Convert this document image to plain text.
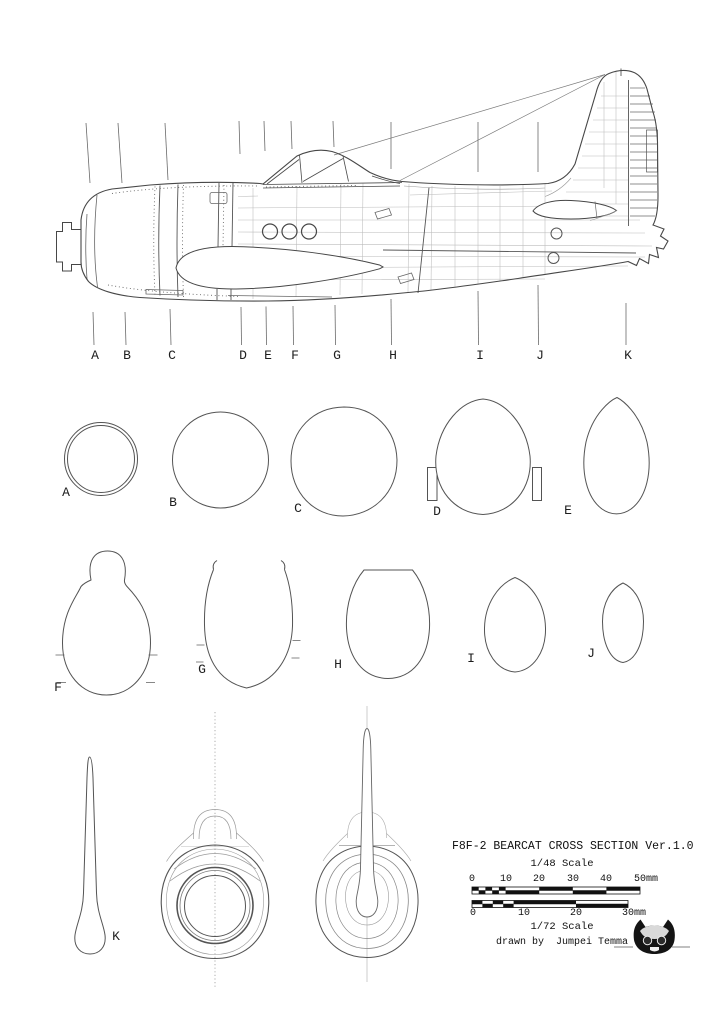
A B	C	D E F	G	H	I	J	K
A
B	C	D	E
F
G	H	I	J
K
F8F-2 BEARCAT CROSS SECTION Ver.1.0
1/48 Scale
0 10 20 30 40 50mm
0	10	20	30mm
1/72 Scale
drawn by  Jumpei Temma
